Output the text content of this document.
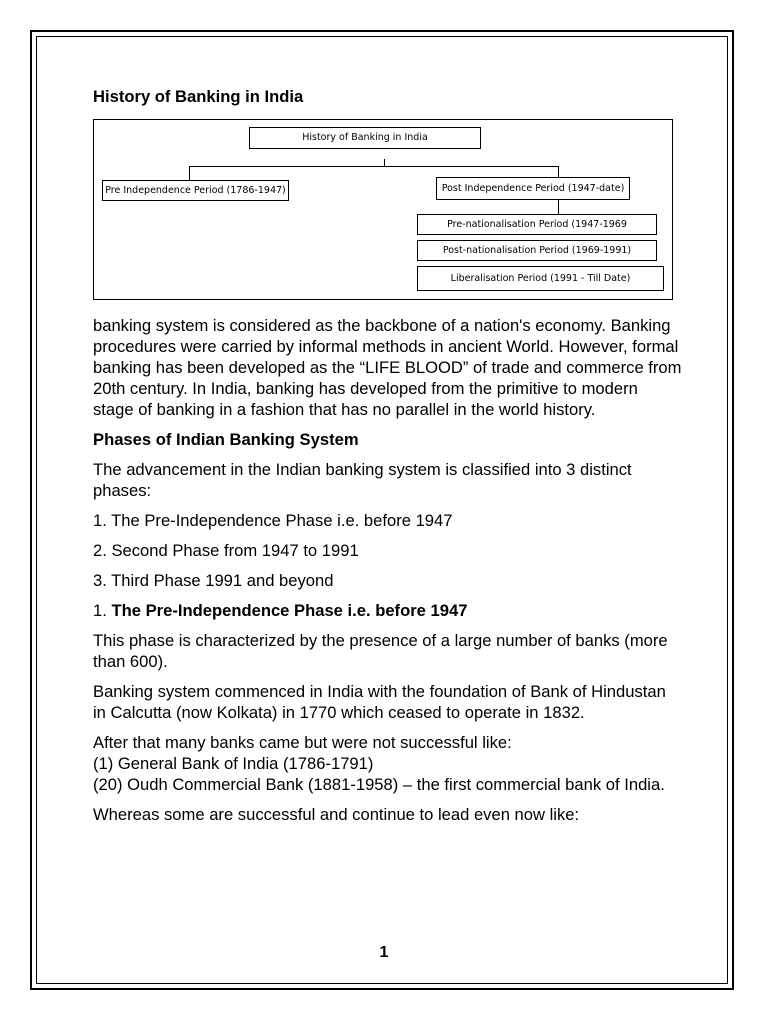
History of Banking in India
History of Banking in India
Pre Independence Period (1786-1947)	Post Independence Period (1947-date)
Pre-nationalisation Period (1947-1969
Post-nationalisation Period (1969-1991)
Liberalisation Period (1991 - Till Date)

banking system is considered as the backbone of a nation's economy. Banking procedures were carried by informal methods in ancient World. However, formal banking has been developed as the “LIFE BLOOD” of trade and commerce from 20th century. In India, banking has developed from the primitive to modern stage of banking in a fashion that has no parallel in the world history.

Phases of Indian Banking System

The advancement in the Indian banking system is classified into 3 distinct phases:

1. The Pre-Independence Phase i.e. before 1947

2. Second Phase from 1947 to 1991

3. Third Phase 1991 and beyond

1. The Pre-Independence Phase i.e. before 1947

This phase is characterized by the presence of a large number of banks (more than 600).

Banking system commenced in India with the foundation of Bank of Hindustan in Calcutta (now Kolkata) in 1770 which ceased to operate in 1832.

After that many banks came but were not successful like:

(1) General Bank of India (1786-1791)

(20) Oudh Commercial Bank (1881-1958) – the first commercial bank of India.

Whereas some are successful and continue to lead even now like:

1
